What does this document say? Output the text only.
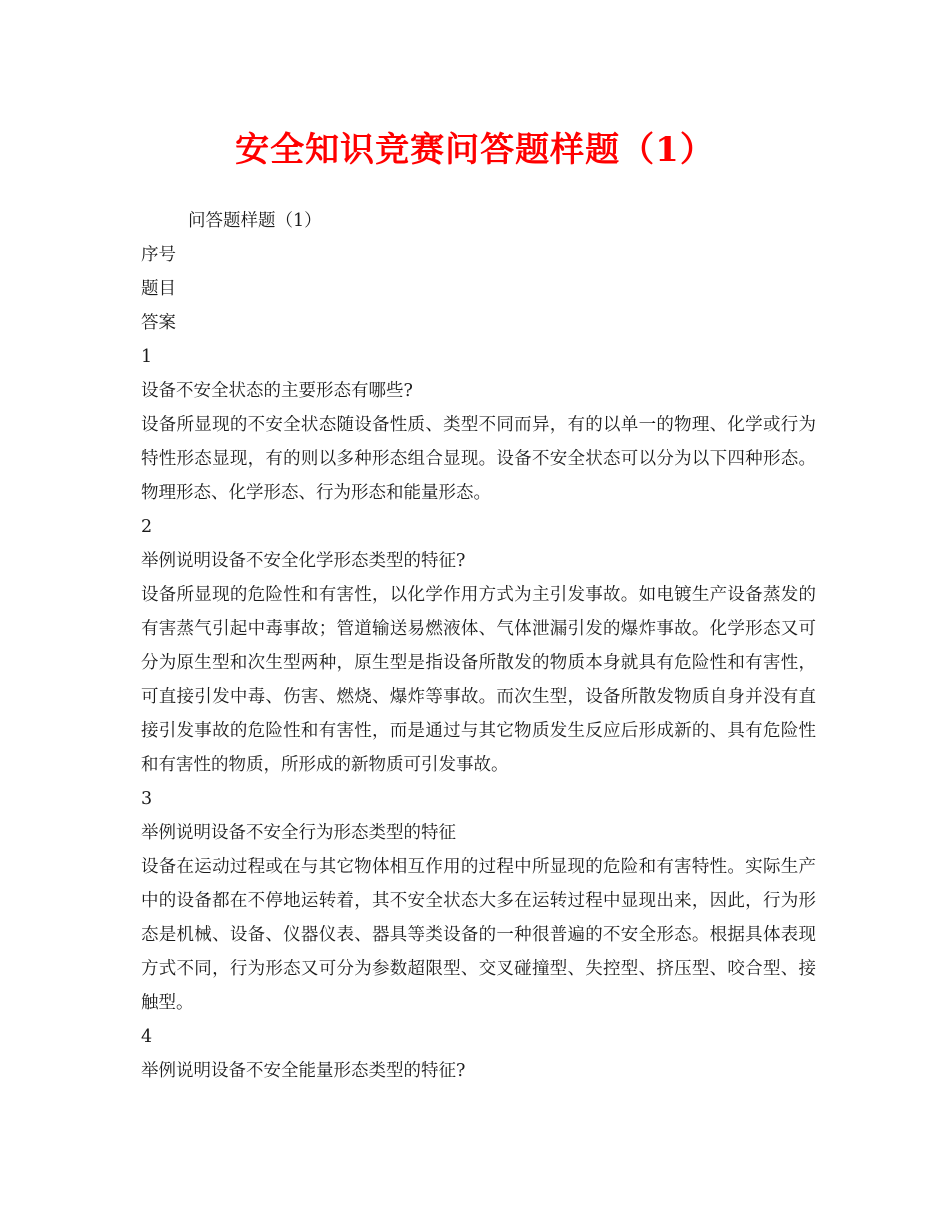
安全知识竞赛问答题样题（1）

问答题样题（1）

序号

题目

答案

1

设备不安全状态的主要形态有哪些?

设备所显现的不安全状态随设备性质、类型不同而异，有的以单一的物理、化学或行为特性形态显现，有的则以多种形态组合显现。设备不安全状态可以分为以下四种形态。物理形态、化学形态、行为形态和能量形态。

2

举例说明设备不安全化学形态类型的特征?

设备所显现的危险性和有害性，以化学作用方式为主引发事故。如电镀生产设备蒸发的有害蒸气引起中毒事故；管道输送易燃液体、气体泄漏引发的爆炸事故。化学形态又可分为原生型和次生型两种，原生型是指设备所散发的物质本身就具有危险性和有害性，可直接引发中毒、伤害、燃烧、爆炸等事故。而次生型，设备所散发物质自身并没有直接引发事故的危险性和有害性，而是通过与其它物质发生反应后形成新的、具有危险性和有害性的物质，所形成的新物质可引发事故。

3

举例说明设备不安全行为形态类型的特征

设备在运动过程或在与其它物体相互作用的过程中所显现的危险和有害特性。实际生产中的设备都在不停地运转着，其不安全状态大多在运转过程中显现出来，因此，行为形态是机械、设备、仪器仪表、器具等类设备的一种很普遍的不安全形态。根据具体表现方式不同，行为形态又可分为参数超限型、交叉碰撞型、失控型、挤压型、咬合型、接触型。

4

举例说明设备不安全能量形态类型的特征?
